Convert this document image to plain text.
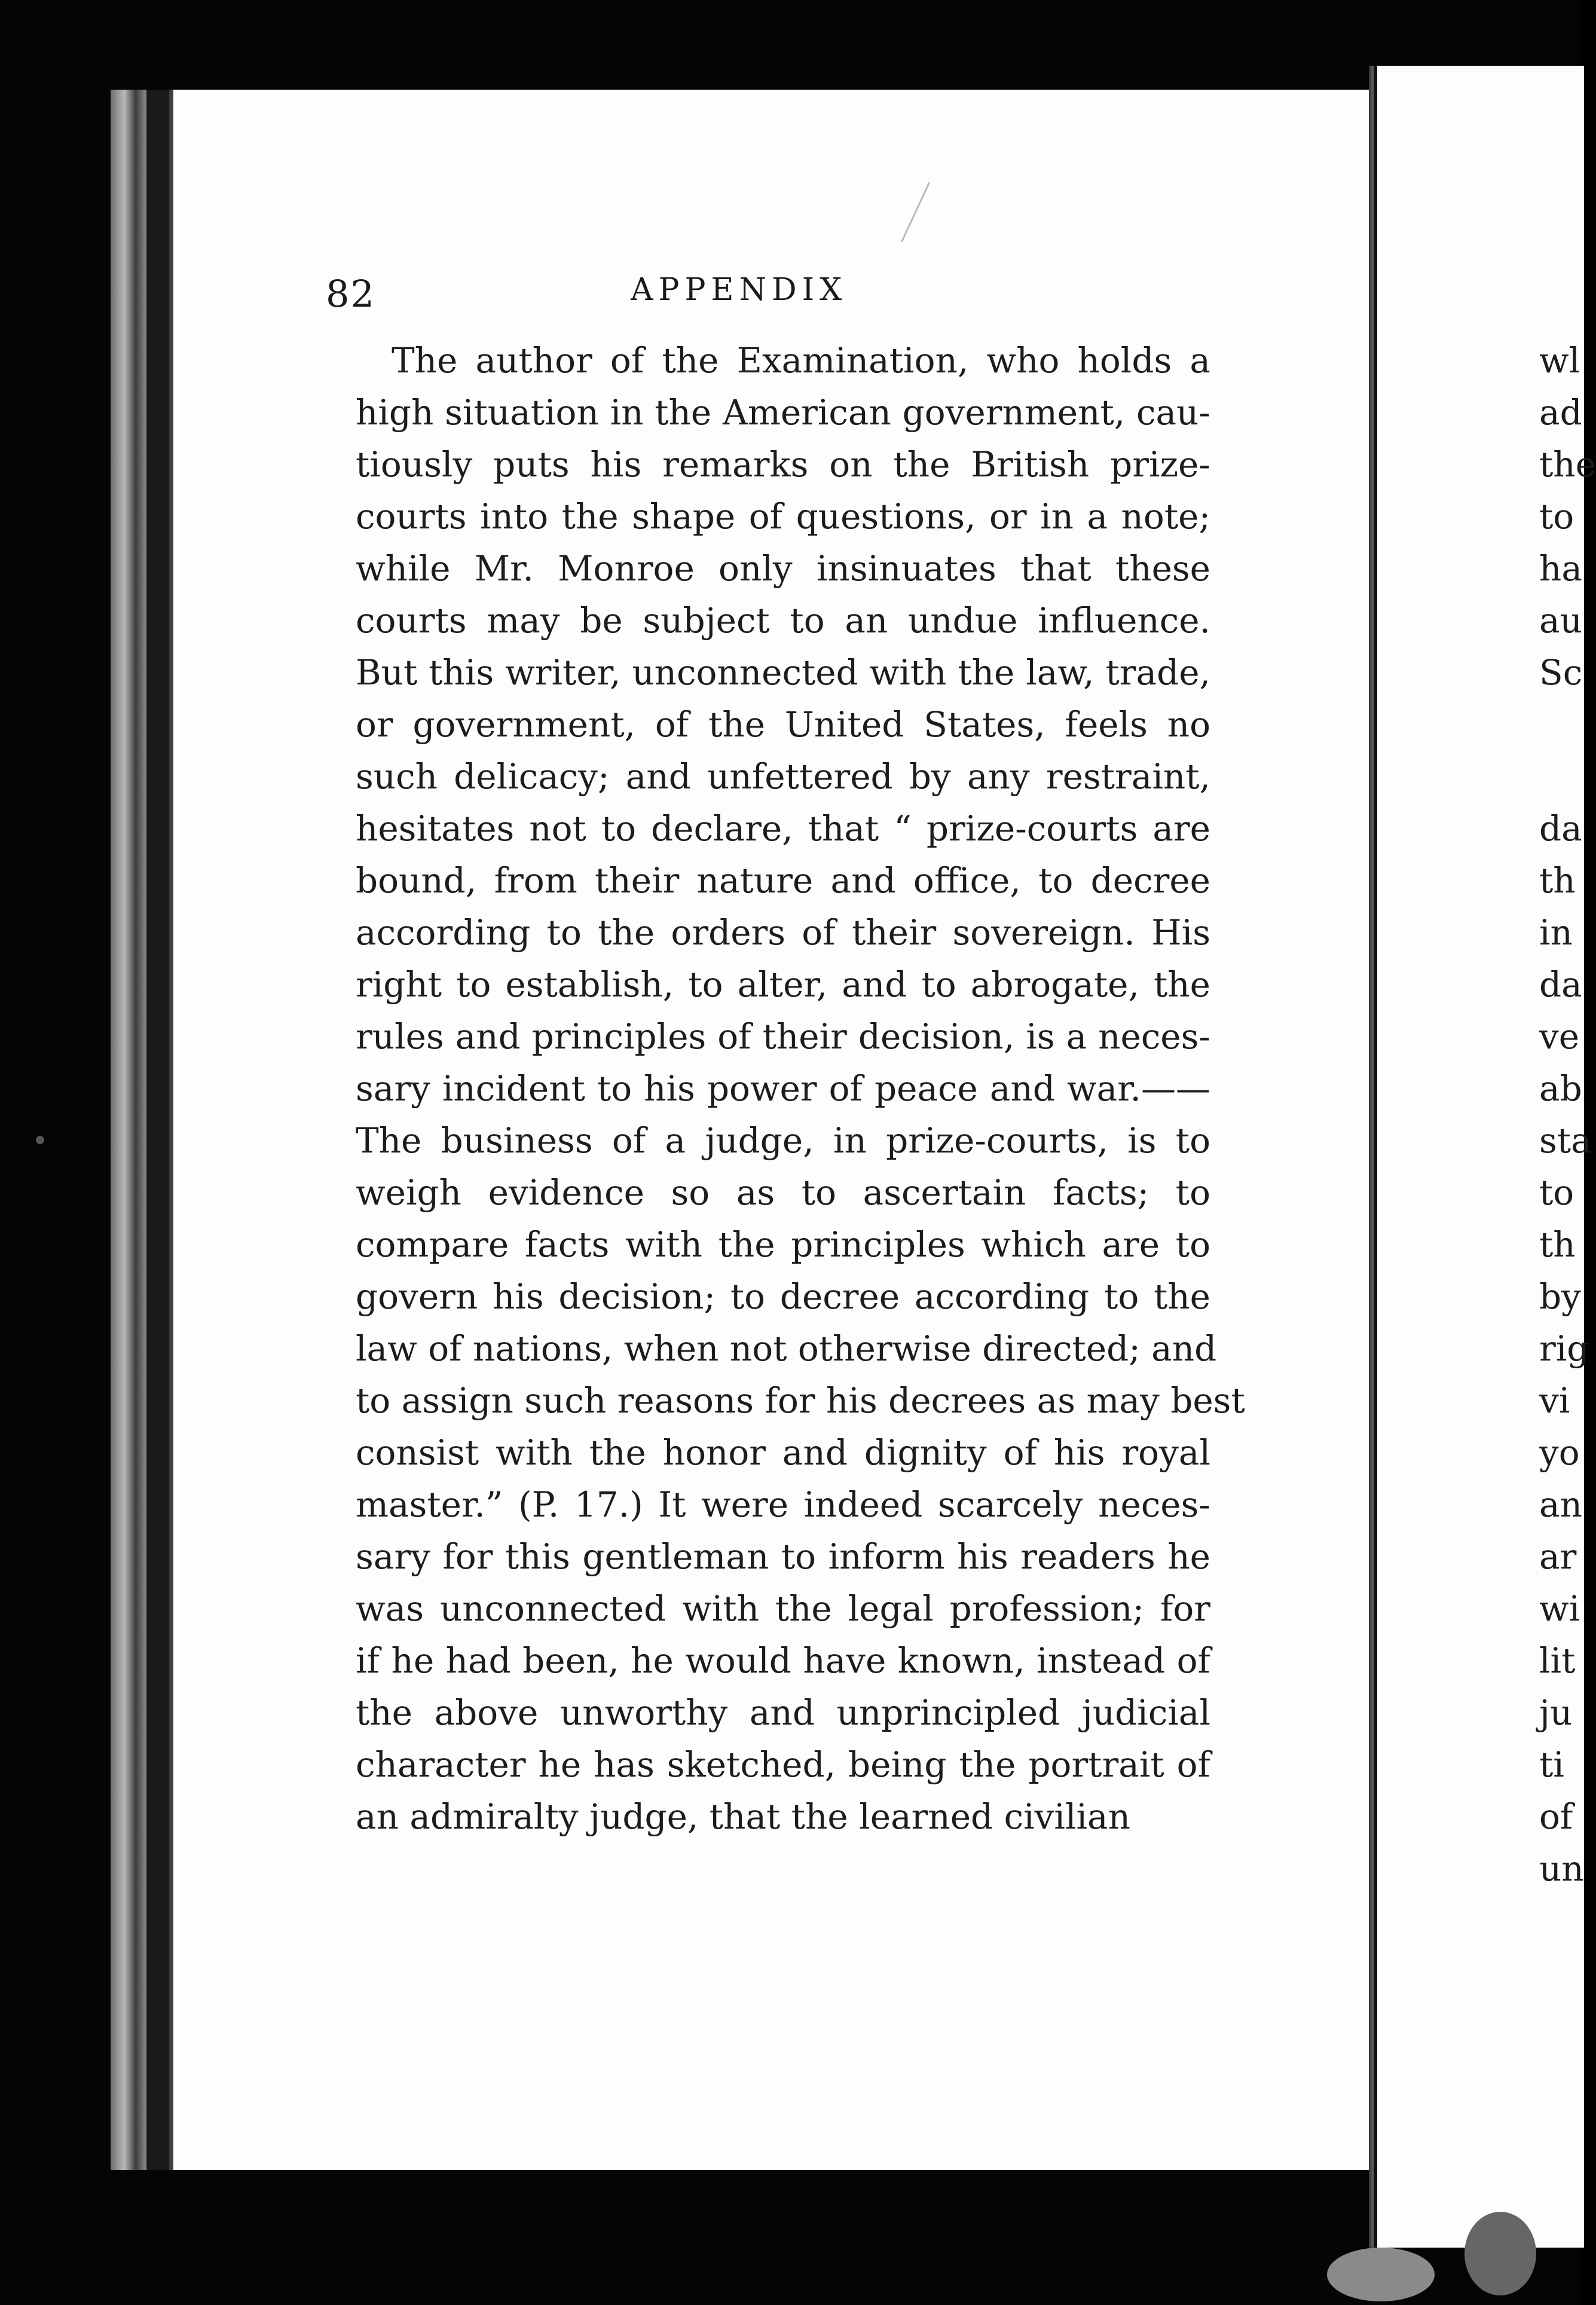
82	APPENDIX
The author of the Examination, who holds a
high situation in the American government, cau-
tiously puts his remarks on the British prize-
courts into the shape of questions, or in a note;
while Mr. Monroe only insinuates that these
courts may be subject to an undue influence.
But this writer, unconnected with the law, trade,
or government, of the United States, feels no
such delicacy; and unfettered by any restraint,
hesitates not to declare, that “ prize-courts are
bound, from their nature and office, to decree
according to the orders of their sovereign. His
right to establish, to alter, and to abrogate, the
rules and principles of their decision, is a neces-
sary incident to his power of peace and war.——
The business of a judge, in prize-courts, is to
weigh evidence so as to ascertain facts; to
compare facts with the principles which are to
govern his decision; to decree according to the
law of nations, when not otherwise directed; and
to assign such reasons for his decrees as may best
consist with the honor and dignity of his royal
master.” (P. 17.) It were indeed scarcely neces-
sary for this gentleman to inform his readers he
was unconnected with the legal profession; for
if he had been, he would have known, instead of
the above unworthy and unprincipled judicial
character he has sketched, being the portrait of
an admiralty judge, that the learned civilian
wl
ad
the
to
ha
au
Sc
da
th
in
da
ve
ab
sta
to
th
by
rig
vi
yo
an
ar
wi
lit
ju
ti
of
un
